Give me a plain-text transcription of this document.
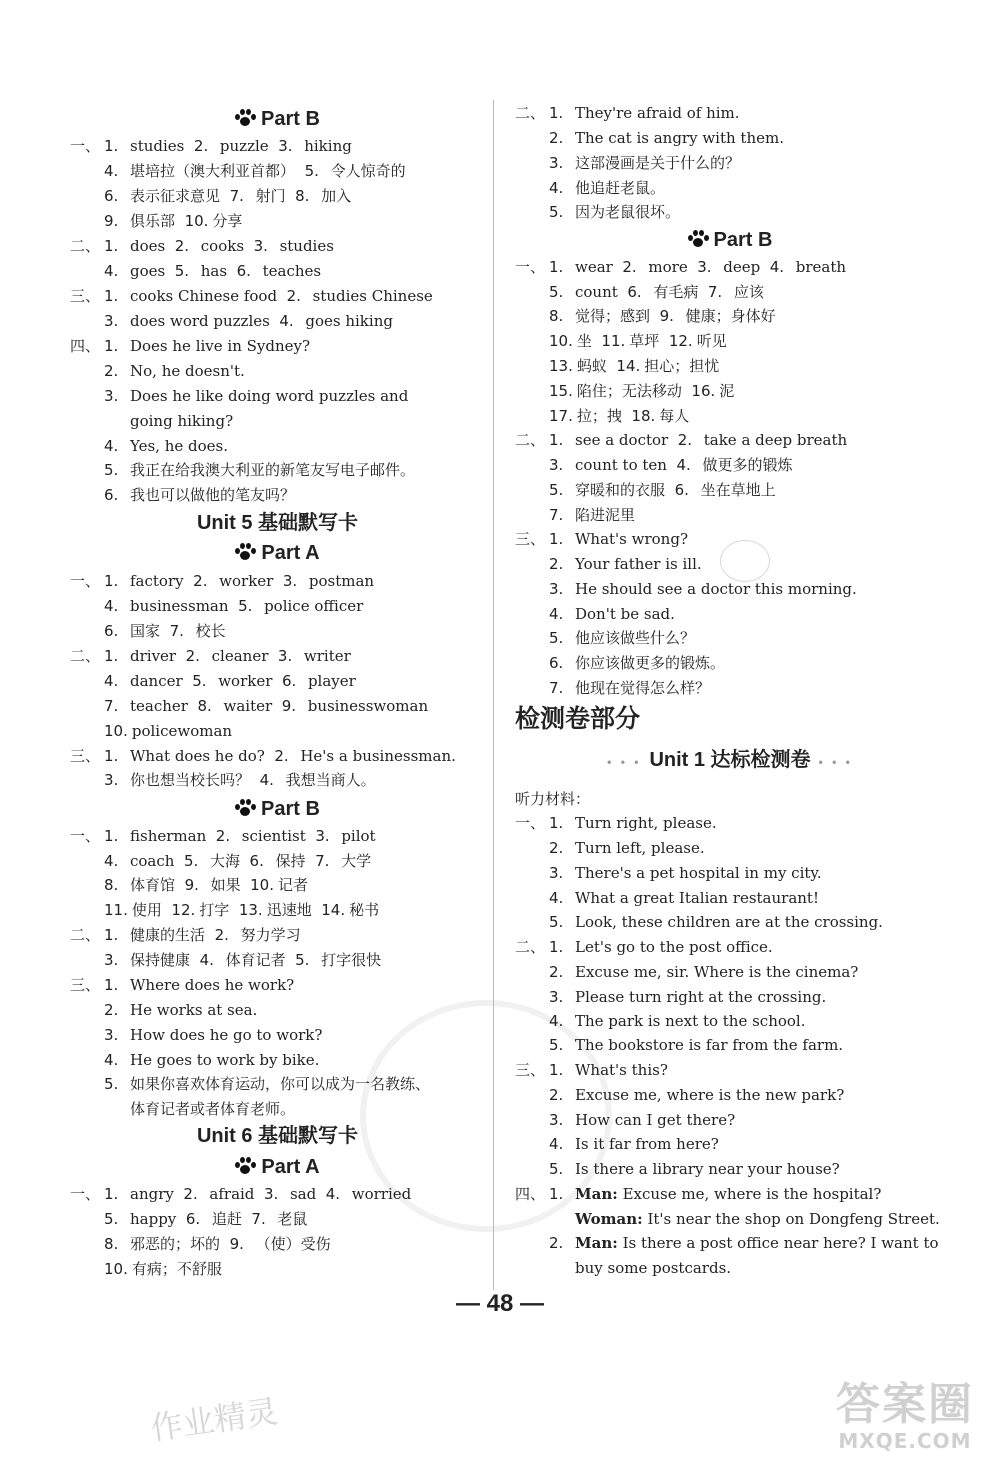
Part B
一、 1. studies 2. puzzle 3. hiking
4. 堪培拉（澳大利亚首都） 5. 令人惊奇的
6. 表示征求意见 7. 射门 8. 加入
9. 俱乐部 10. 分享
二、 1. does 2. cooks 3. studies
4. goes 5. has 6. teaches
三、 1. cooks Chinese food 2. studies Chinese
3. does word puzzles 4. goes hiking
四、 1. Does he live in Sydney?
2. No, he doesn't.
3. Does he like doing word puzzles and
going hiking?
4. Yes, he does.
5. 我正在给我澳大利亚的新笔友写电子邮件。
6. 我也可以做他的笔友吗？
Unit 5 基础默写卡
Part A
一、 1. factory 2. worker 3. postman
4. businessman 5. police officer
6. 国家 7. 校长
二、 1. driver 2. cleaner 3. writer
4. dancer 5. worker 6. player
7. teacher 8. waiter 9. businesswoman
10. policewoman
三、 1. What does he do? 2. He's a businessman.
3. 你也想当校长吗？ 4. 我想当商人。
Part B
一、 1. fisherman 2. scientist 3. pilot
4. coach 5. 大海 6. 保持 7. 大学
8. 体育馆 9. 如果 10. 记者
11. 使用 12. 打字 13. 迅速地 14. 秘书
二、 1. 健康的生活 2. 努力学习
3. 保持健康 4. 体育记者 5. 打字很快
三、 1. Where does he work?
2. He works at sea.
3. How does he go to work?
4. He goes to work by bike.
5. 如果你喜欢体育运动，你可以成为一名教练、
体育记者或者体育老师。
Unit 6 基础默写卡
Part A
一、 1. angry 2. afraid 3. sad 4. worried
5. happy 6. 追赶 7. 老鼠
8. 邪恶的；坏的 9. （使）受伤
10. 有病；不舒服
二、 1. They're afraid of him.
2. The cat is angry with them.
3. 这部漫画是关于什么的？
4. 他追赶老鼠。
5. 因为老鼠很坏。
Part B
一、 1. wear 2. more 3. deep 4. breath
5. count 6. 有毛病 7. 应该
8. 觉得；感到 9. 健康；身体好
10. 坐 11. 草坪 12. 听见
13. 蚂蚁 14. 担心；担忧
15. 陷住；无法移动 16. 泥
17. 拉；拽 18. 每人
二、 1. see a doctor 2. take a deep breath
3. count to ten 4. 做更多的锻炼
5. 穿暖和的衣服 6. 坐在草地上
7. 陷进泥里
三、 1. What's wrong?
2. Your father is ill.
3. He should see a doctor this morning.
4. Don't be sad.
5. 他应该做些什么？
6. 你应该做更多的锻炼。
7. 他现在觉得怎么样？
检测卷部分
• • • Unit 1 达标检测卷 • • •
听力材料：
一、 1. Turn right, please.
2. Turn left, please.
3. There's a pet hospital in my city.
4. What a great Italian restaurant!
5. Look, these children are at the crossing.
二、 1. Let's go to the post office.
2. Excuse me, sir. Where is the cinema?
3. Please turn right at the crossing.
4. The park is next to the school.
5. The bookstore is far from the farm.
三、 1. What's this?
2. Excuse me, where is the new park?
3. How can I get there?
4. Is it far from here?
5. Is there a library near your house?
四、 1. Man: Excuse me, where is the hospital?
Woman: It's near the shop on Dongfeng Street.
2. Man: Is there a post office near here? I want to
buy some postcards.
— 48 —
作业精灵	答案圈
MXQE.COM
